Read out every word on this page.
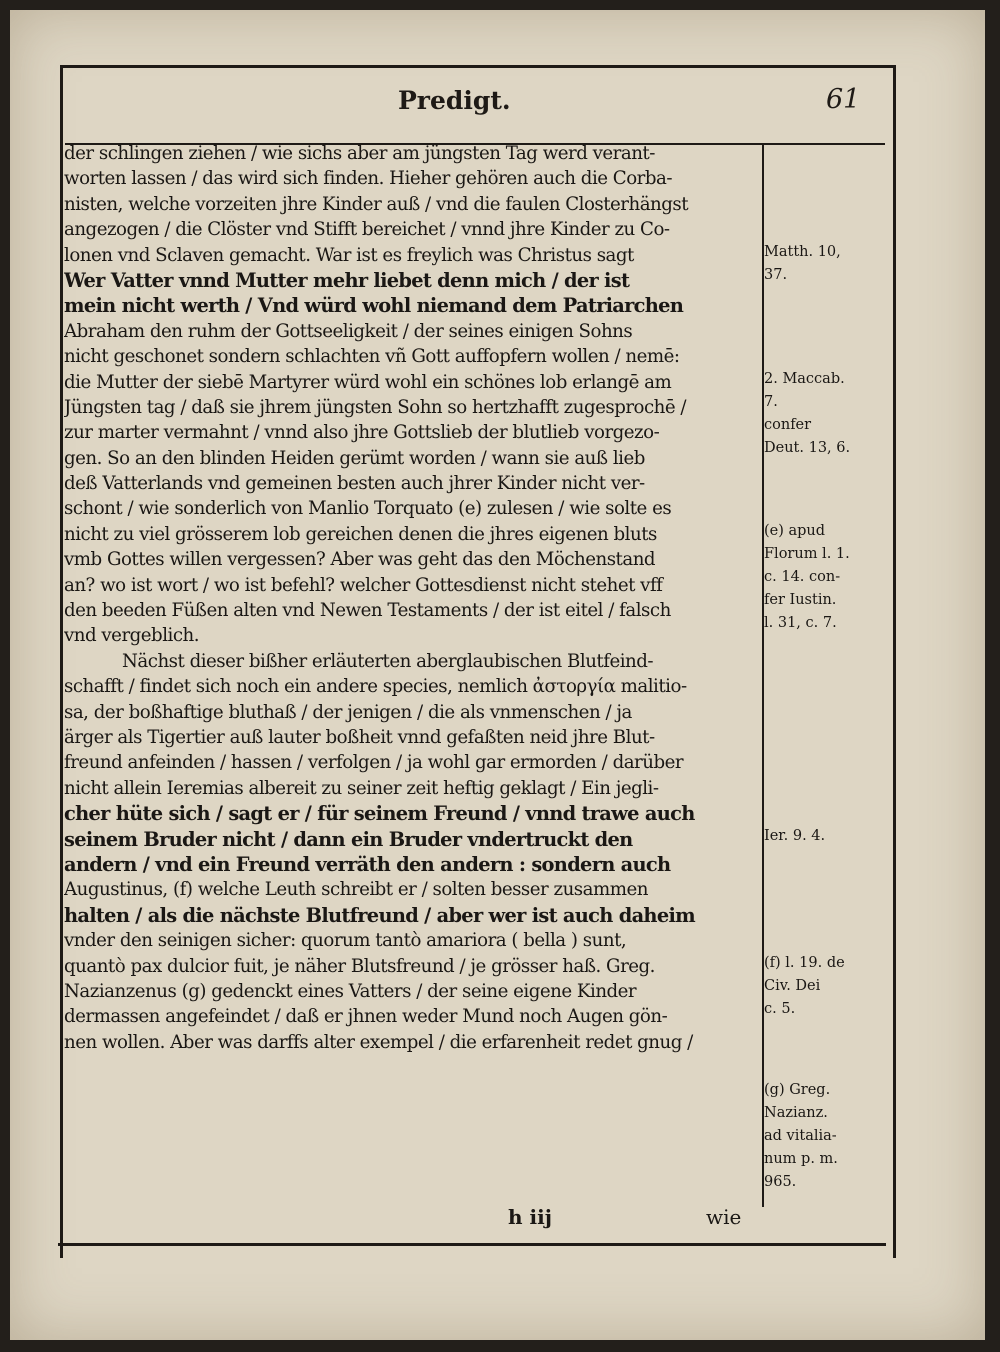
Predigt.	61
der schlingen ziehen / wie sichs aber am jüngsten Tag werd verant-
worten lassen / das wird sich finden. Hieher gehören auch die Corba-
nisten, welche vorzeiten jhre Kinder auß / vnd die faulen Closterhängst
angezogen / die Clöster vnd Stifft bereichet / vnnd jhre Kinder zu Co-
lonen vnd Sclaven gemacht. War ist es freylich was Christus sagt
Wer Vatter vnnd Mutter mehr liebet denn mich / der ist
mein nicht werth / Vnd würd wohl niemand dem Patriarchen
Abraham den ruhm der Gottseeligkeit / der seines einigen Sohns
nicht geschonet sondern schlachten vñ Gott auffopfern wollen / nemē:
die Mutter der siebē Martyrer würd wohl ein schönes lob erlangē am
Jüngsten tag / daß sie jhrem jüngsten Sohn so hertzhafft zugesprochē /
zur marter vermahnt / vnnd also jhre Gottslieb der blutlieb vorgezo-
gen. So an den blinden Heiden gerümt worden / wann sie auß lieb
deß Vatterlands vnd gemeinen besten auch jhrer Kinder nicht ver-
schont / wie sonderlich von Manlio Torquato (e) zulesen / wie solte es
nicht zu viel grösserem lob gereichen denen die jhres eigenen bluts
vmb Gottes willen vergessen? Aber was geht das den Möchenstand
an? wo ist wort / wo ist befehl? welcher Gottesdienst nicht stehet vff
den beeden Füßen alten vnd Newen Testaments / der ist eitel / falsch
vnd vergeblich.
Nächst dieser bißher erläuterten aberglaubischen Blutfeind-
schafft / findet sich noch ein andere species, nemlich ἀστοργία malitio-
sa, der boßhaftige bluthaß / der jenigen / die als vnmenschen / ja
ärger als Tigertier auß lauter boßheit vnnd gefaßten neid jhre Blut-
freund anfeinden / hassen / verfolgen / ja wohl gar ermorden / darüber
nicht allein Ieremias albereit zu seiner zeit heftig geklagt / Ein jegli-
cher hüte sich / sagt er / für seinem Freund / vnnd trawe auch
seinem Bruder nicht / dann ein Bruder vndertruckt den
andern / vnd ein Freund verräth den andern : sondern auch
Augustinus, (f) welche Leuth schreibt er / solten besser zusammen
halten / als die nächste Blutfreund / aber wer ist auch daheim
vnder den seinigen sicher: quorum tantò amariora ( bella ) sunt,
quantò pax dulcior fuit, je näher Blutsfreund / je grösser haß. Greg.
Nazianzenus (g) gedenckt eines Vatters / der seine eigene Kinder
dermassen angefeindet / daß er jhnen weder Mund noch Augen gön-
nen wollen. Aber was darffs alter exempel / die erfarenheit redet gnug /
Matth. 10,
37.
2. Maccab.
7.
confer
Deut. 13, 6.
(e) apud
Florum l. 1.
c. 14. con-
fer Iustin.
l. 31, c. 7.
Ier. 9. 4.
(f) l. 19. de
Civ. Dei
c. 5.
(g) Greg.
Nazianz.
ad vitalia-
num p. m.
965.
h iij	wie
